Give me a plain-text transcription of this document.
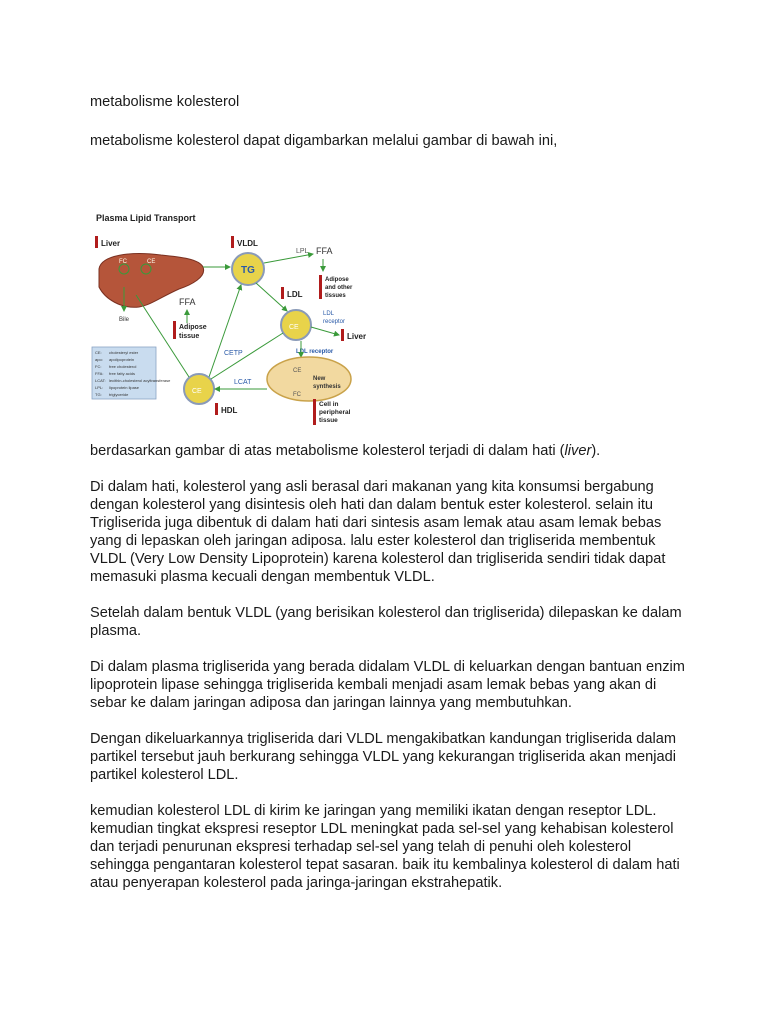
metabolisme kolesterol
metabolisme kolesterol dapat digambarkan melalui gambar di bawah ini,

berdasarkan gambar di atas metabolisme kolesterol terjadi di dalam hati (liver).

Di dalam hati, kolesterol yang asli berasal dari makanan yang kita konsumsi bergabung dengan kolesterol yang disintesis oleh hati dan dalam bentuk ester kolesterol. selain itu Trigliserida juga dibentuk di dalam hati dari sintesis asam lemak atau asam lemak bebas yang di lepaskan oleh jaringan adiposa. lalu ester kolesterol dan trigliserida membentuk VLDL (Very Low Density Lipoprotein) karena kolesterol dan trigliserida sendiri tidak dapat memasuki plasma kecuali dengan membentuk VLDL.

Setelah dalam bentuk VLDL (yang berisikan kolesterol dan trigliserida) dilepaskan ke dalam plasma.

Di dalam plasma trigliserida yang berada didalam VLDL di keluarkan dengan bantuan enzim lipoprotein lipase sehingga trigliserida kembali menjadi asam lemak bebas yang akan di sebar ke dalam jaringan adiposa dan jaringan lainnya yang membutuhkan.

Dengan dikeluarkannya trigliserida dari VLDL mengakibatkan kandungan trigliserida dalam partikel tersebut jauh berkurang sehingga VLDL yang kekurangan trigliserida akan menjadi partikel kolesterol LDL.

kemudian kolesterol LDL di kirim ke jaringan yang memiliki ikatan dengan reseptor LDL. kemudian tingkat ekspresi reseptor LDL meningkat pada sel-sel yang kehabisan kolesterol dan terjadi penurunan ekspresi terhadap sel-sel yang telah di penuhi oleh kolesterol sehingga pengantaran kolesterol tepat sasaran. baik itu kembalinya kolesterol di dalam hati atau penyerapan kolesterol pada jaringa-jaringan ekstrahepatik.

Plasma Lipid Transport
Liver
FC	CE
Bile
VLDL
TG
LPL FFA
Adipose
and other
tissues
FFA
Adipose
tissue
LDL
CE
LDL
receptor
Liver
LDL receptor
CE
FC
New
synthesis
Cell in
peripheral
tissue
CE
HDL
CETP
LCAT
CE: cholesteryl ester
apo: apolipoprotein
FC: free cholesterol
FFA: free fatty acids
LCAT: lecithin-cholesterol acyltransferase
LPL: lipoprotein lipase
TG: triglyceride
